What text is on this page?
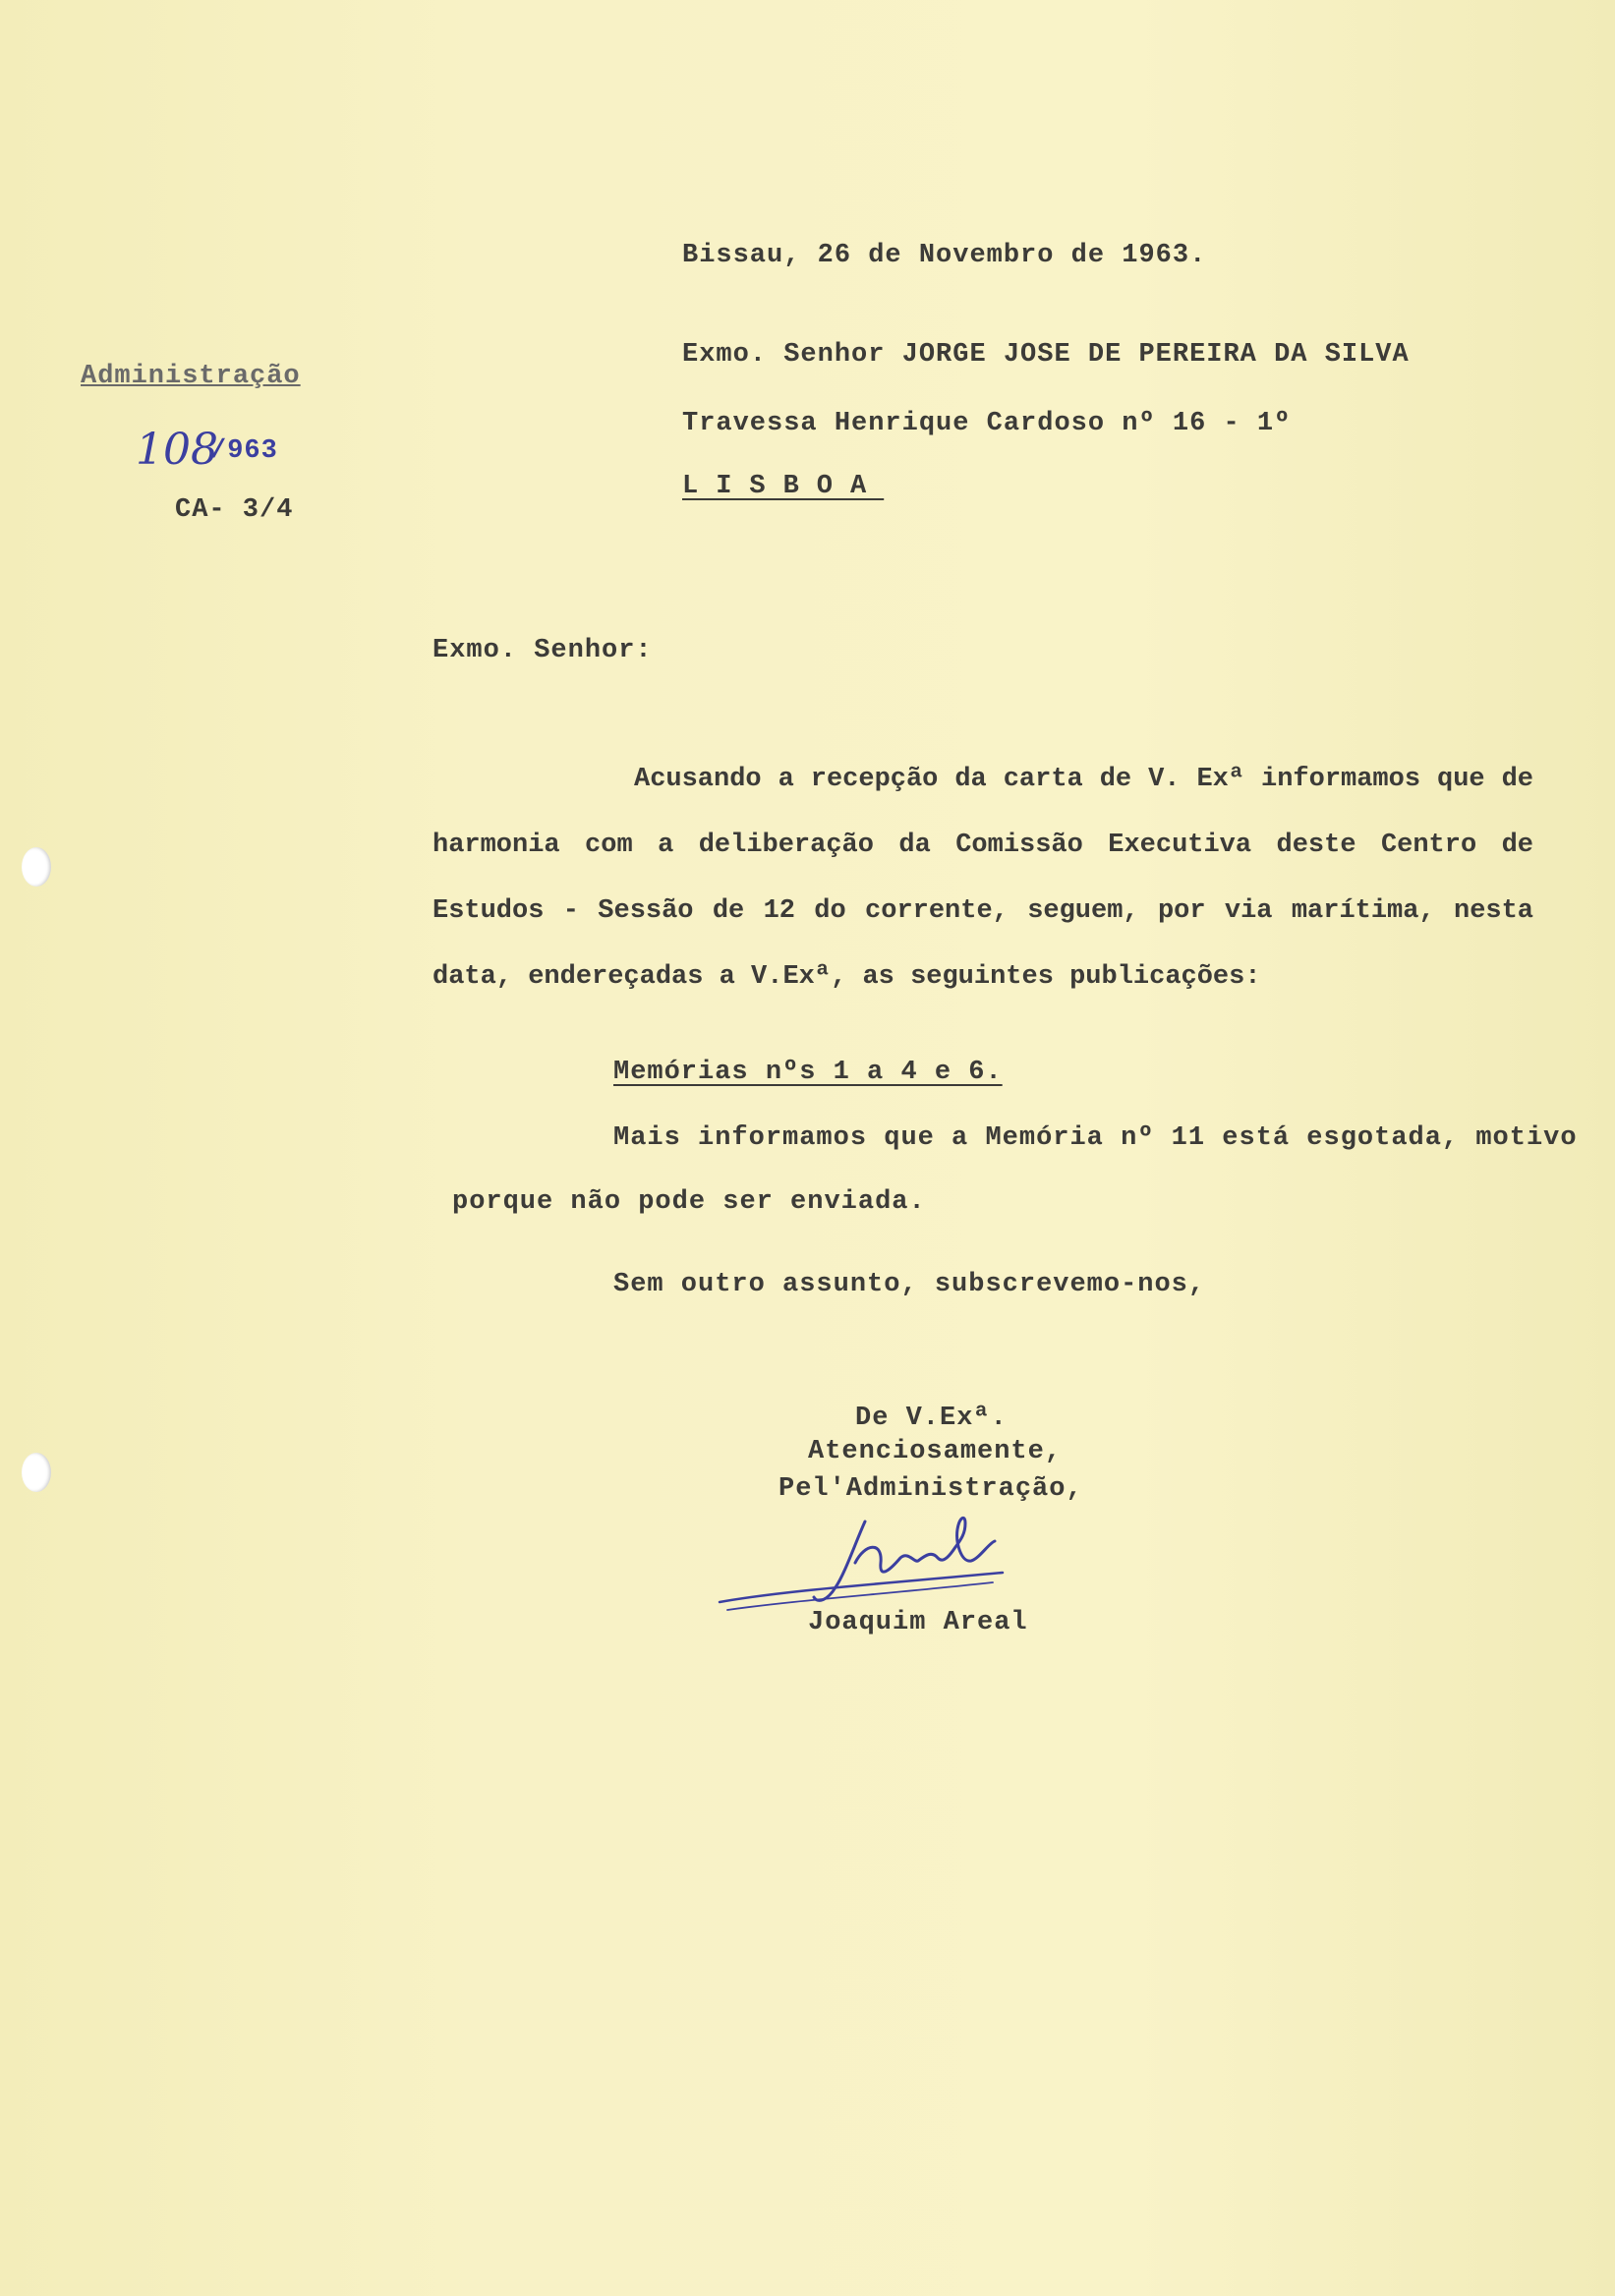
Bissau, 26 de Novembro de 1963.
Exmo. Senhor JORGE JOSE DE PEREIRA DA SILVA
Travessa Henrique Cardoso nº 16 - 1º
LISBOA
Administração
108
/963
CA- 3/4
Exmo. Senhor:
Acusando a recepção da carta de V. Exª informamos que de harmonia com a deliberação da Comissão Executiva deste Centro de Estudos - Sessão de 12 do corrente, seguem, por via marítima, nesta data, endereçadas a V.Exª, as seguintes publicações:
Memórias nºs 1 a 4 e 6.
Mais informamos que a Memória nº 11 está esgotada, motivo
porque não pode ser enviada.
Sem outro assunto, subscrevemo-nos,
De V.Exª.
Atenciosamente,
Pel'Administração,
Joaquim Areal
